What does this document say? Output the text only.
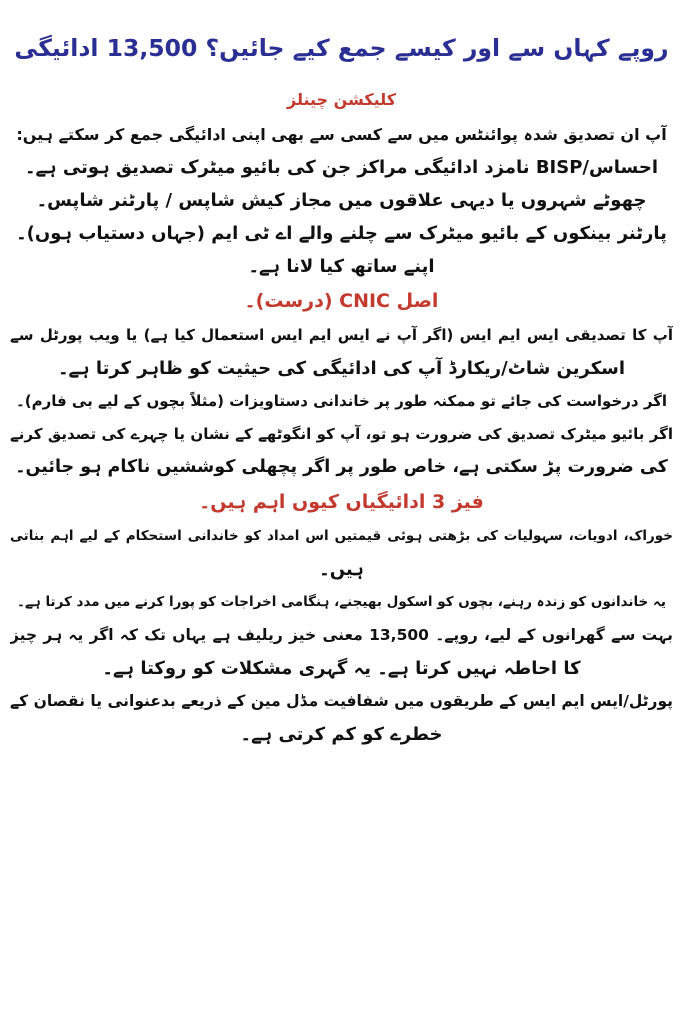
روپے کہاں سے اور کیسے جمع کیے جائیں؟ 13,500 ادائیگی
کلیکشن چینلز

آپ ان تصدیق شدہ پوائنٹس میں سے کسی سے بھی اپنی ادائیگی جمع کر سکتے ہیں:

احساس/BISP نامزد ادائیگی مراکز جن کی بائیو میٹرک تصدیق ہوتی ہے۔

چھوٹے شہروں یا دیہی علاقوں میں مجاز کیش شاپس / پارٹنر شاپس۔

پارٹنر بینکوں کے بائیو میٹرک سے چلنے والے اے ٹی ایم (جہاں دستیاب ہوں)۔

اپنے ساتھ کیا لانا ہے۔

اصل CNIC (درست)۔

آپ کا تصدیقی ایس ایم ایس (اگر آپ نے ایس ایم ایس استعمال کیا ہے) یا ویب پورٹل سے

اسکرین شاٹ/ریکارڈ آپ کی ادائیگی کی حیثیت کو ظاہر کرتا ہے۔

اگر درخواست کی جائے تو ممکنہ طور پر خاندانی دستاویزات (مثلاً بچوں کے لیے بی فارم)۔

اگر بائیو میٹرک تصدیق کی ضرورت ہو تو، آپ کو انگوٹھے کے نشان یا چہرے کی تصدیق کرنے

کی ضرورت پڑ سکتی ہے، خاص طور پر اگر پچھلی کوششیں ناکام ہو جائیں۔

فیز 3 ادائیگیاں کیوں اہم ہیں۔

خوراک، ادویات، سہولیات کی بڑھتی ہوئی قیمتیں اس امداد کو خاندانی استحکام کے لیے اہم بناتی

ہیں۔

یہ خاندانوں کو زندہ رہنے، بچوں کو اسکول بھیجنے، ہنگامی اخراجات کو پورا کرنے میں مدد کرتا ہے۔

بہت سے گھرانوں کے لیے، روپے۔ 13,500 معنی خیز ریلیف ہے یہاں تک کہ اگر یہ ہر چیز

کا احاطہ نہیں کرتا ہے۔ یہ گہری مشکلات کو روکتا ہے۔

پورٹل/ایس ایم ایس کے طریقوں میں شفافیت مڈل مین کے ذریعے بدعنوانی یا نقصان کے

خطرے کو کم کرتی ہے۔
